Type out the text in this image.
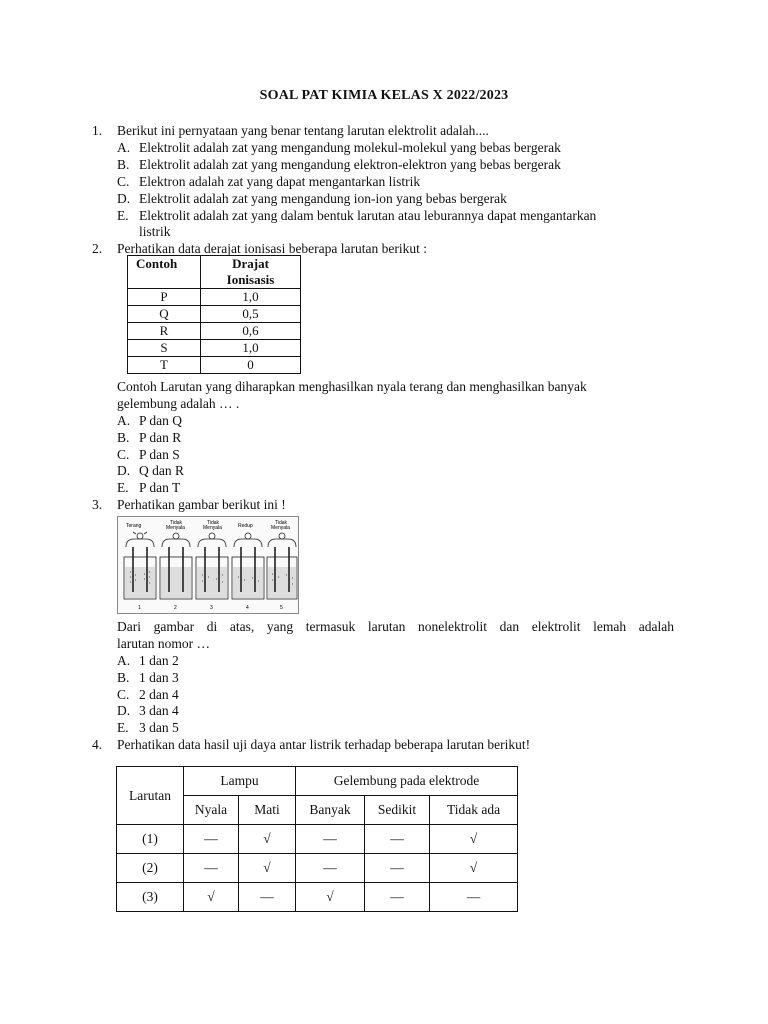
SOAL PAT KIMIA KELAS X 2022/2023
1. Berikut ini pernyataan yang benar tentang larutan elektrolit adalah....
A. Elektrolit adalah zat yang mengandung molekul-molekul yang bebas bergerak
B. Elektrolit adalah zat yang mengandung elektron-elektron yang bebas bergerak
C. Elektron adalah zat yang dapat mengantarkan listrik
D. Elektrolit adalah zat yang mengandung ion-ion yang bebas bergerak
E. Elektrolit adalah zat yang dalam bentuk larutan atau leburannya dapat mengantarkan
listrik
2. Perhatikan data derajat ionisasi beberapa larutan berikut :
Contoh	Drajat
Ionisasis
P	1,0
Q	0,5
R	0,6
S	1,0
T	0
Contoh Larutan yang diharapkan menghasilkan nyala terang dan menghasilkan banyak
gelembung adalah … .
A. P dan Q
B. P dan R
C. P dan S
D. Q dan R
E. P dan T
3. Perhatikan gambar berikut ini !
Terang	Tidak
Menyala
Tidak
Menyala	Redup	Tidak
Menyala
1	2	3	4	5
Dari gambar di atas, yang termasuk larutan nonelektrolit dan elektrolit lemah adalah
larutan nomor …
A. 1 dan 2
B. 1 dan 3
C. 2 dan 4
D. 3 dan 4
E. 3 dan 5
4. Perhatikan data hasil uji daya antar listrik terhadap beberapa larutan berikut!
Larutan	Lampu		Gelembung pada elektrode		
	Nyala	Mati	Banyak	Sedikit	Tidak ada
(1)	—	√	—	—	√
(2)	—	√	—	—	√
(3)	√	—	√	—	—
